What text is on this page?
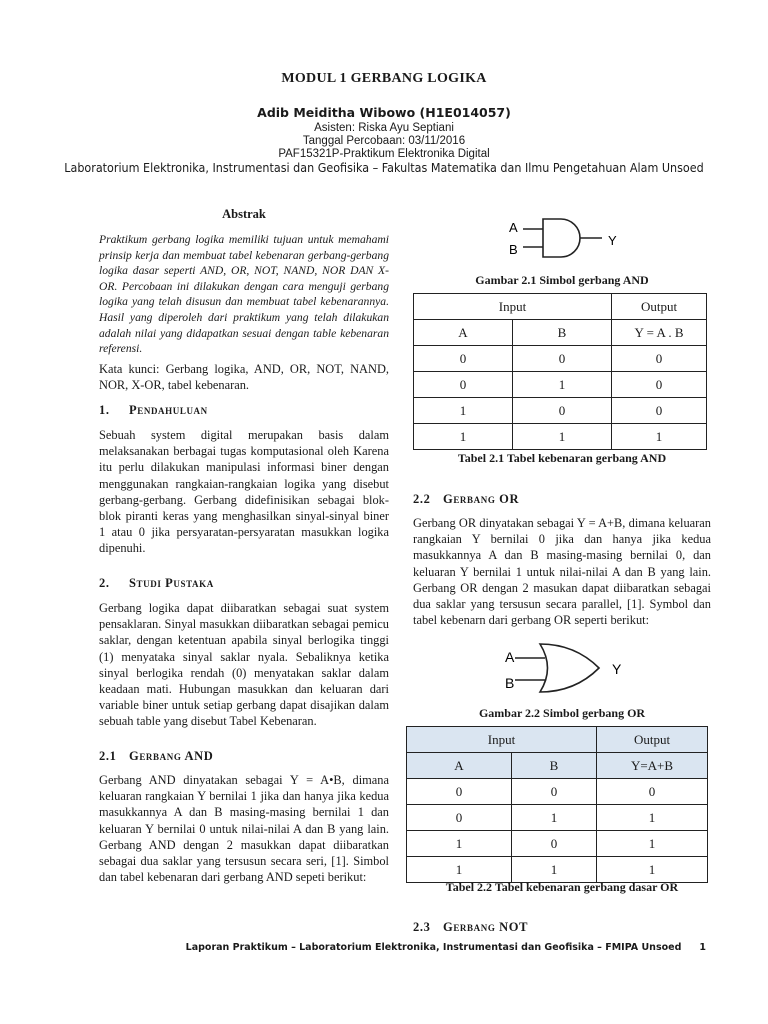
MODUL 1 GERBANG LOGIKA
Adib Meiditha Wibowo (H1E014057)
Asisten: Riska Ayu Septiani
Tanggal Percobaan: 03/11/2016
PAF15321P-Praktikum Elektronika Digital
Laboratorium Elektronika, Instrumentasi dan Geofisika – Fakultas Matematika dan Ilmu Pengetahuan Alam Unsoed
Abstrak
Praktikum gerbang logika memiliki tujuan untuk memahami prinsip kerja dan membuat tabel kebenaran gerbang-gerbang logika dasar seperti AND, OR, NOT, NAND, NOR DAN X-OR. Percobaan ini dilakukan dengan cara menguji gerbang logika yang telah disusun dan membuat tabel kebenarannya. Hasil yang diperoleh dari praktikum yang telah dilakukan adalah nilai yang didapatkan sesuai dengan table kebenaran referensi.
Kata kunci: Gerbang logika, AND, OR, NOT, NAND, NOR, X-OR, tabel kebenaran.
1. Pendahuluan
Sebuah system digital merupakan basis dalam melaksanakan berbagai tugas komputasional oleh Karena itu perlu dilakukan manipulasi informasi biner dengan menggunakan rangkaian-rangkaian logika yang disebut gerbang-gerbang. Gerbang didefinisikan sebagai blok-blok piranti keras yang menghasilkan sinyal-sinyal biner 1 atau 0 jika persyaratan-persyaratan masukkan logika dipenuhi.
2. Studi Pustaka
Gerbang logika dapat diibaratkan sebagai suat system pensaklaran. Sinyal masukkan diibaratkan sebagai pemicu saklar, dengan ketentuan apabila sinyal berlogika tinggi (1) menyataka sinyal saklar nyala. Sebaliknya ketika sinyal berlogika rendah (0) menyatakan saklar dalam keadaan mati. Hubungan masukkan dan keluaran dari variable biner untuk setiap gerbang dapat disajikan dalam sebuah table yang disebut Tabel Kebenaran.
2.1 Gerbang AND
Gerbang AND dinyatakan sebagai Y = A•B, dimana keluaran rangkaian Y bernilai 1 jika dan hanya jika kedua masukkannya A dan B masing-masing bernilai 1 dan keluaran Y bernilai 0 untuk nilai-nilai A dan B yang lain. Gerbang AND dengan 2 masukkan dapat diibaratkan sebagai dua saklar yang tersusun secara seri, [1]. Simbol dan tabel kebenaran dari gerbang AND sepeti berikut:
A
B
Y
Gambar 2.1 Simbol gerbang AND
Input		Output
A	B	Y = A . B
0	0	0
0	1	0
1	0	0
1	1	1
Tabel 2.1 Tabel kebenaran gerbang AND
2.2 Gerbang OR
Gerbang OR dinyatakan sebagai Y = A+B, dimana keluaran rangkaian Y bernilai 0 jika dan hanya jika kedua masukkannya A dan B masing-masing bernilai 0, dan keluaran Y bernilai 1 untuk nilai-nilai A dan B yang lain. Gerbang OR dengan 2 masukan dapat diibaratkan sebagai dua saklar yang tersusun secara parallel, [1]. Symbol dan tabel kebenarn dari gerbang OR seperti berikut:
A
B
Y
Gambar 2.2 Simbol gerbang OR
Input		Output
A	B	Y=A+B
0	0	0
0	1	1
1	0	1
1	1	1
Tabel 2.2 Tabel kebenaran gerbang dasar OR
2.3 Gerbang NOT
Laporan Praktikum – Laboratorium Elektronika, Instrumentasi dan Geofisika – FMIPA Unsoed 1
